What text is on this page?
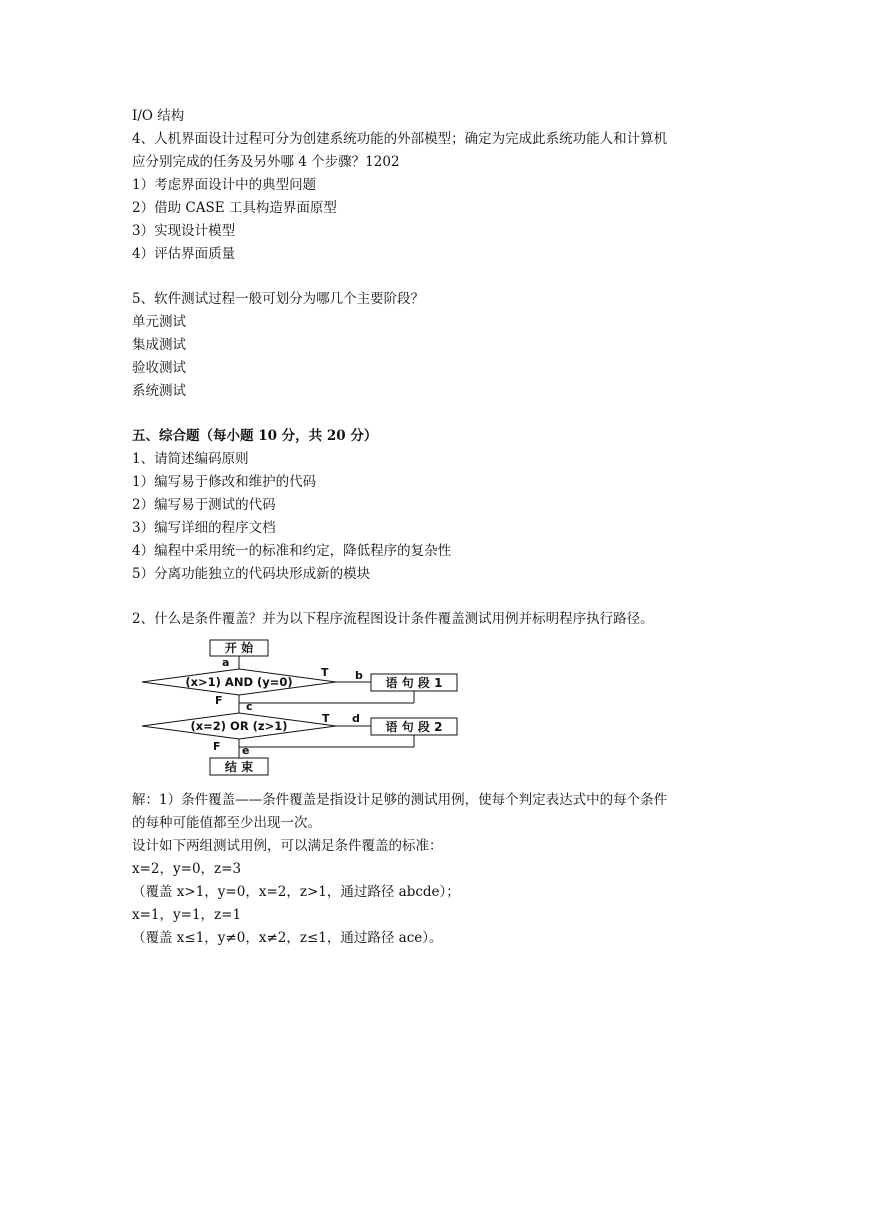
I/O 结构
4、人机界面设计过程可分为创建系统功能的外部模型；确定为完成此系统功能人和计算机
应分别完成的任务及另外哪 4 个步骤？1202
1）考虑界面设计中的典型问题
2）借助 CASE 工具构造界面原型
3）实现设计模型
4）评估界面质量
5、软件测试过程一般可划分为哪几个主要阶段？
单元测试
集成测试
验收测试
系统测试
五、综合题（每小题 10 分，共 20 分）
1、请简述编码原则
1）编写易于修改和维护的代码
2）编写易于测试的代码
3）编写详细的程序文档
4）编程中采用统一的标准和约定，降低程序的复杂性
5）分离功能独立的代码块形成新的模块
2、什么是条件覆盖？并为以下程序流程图设计条件覆盖测试用例并标明程序执行路径。
开 始
a
(x>1) AND (y=0)
T b
语 句 段 1
F c
(x=2) OR (z>1)
T d
语 句 段 2
F e
结 束
解：1）条件覆盖——条件覆盖是指设计足够的测试用例，使每个判定表达式中的每个条件
的每种可能值都至少出现一次。
设计如下两组测试用例，可以满足条件覆盖的标准：
x=2，y=0，z=3
（覆盖 x>1，y=0，x=2，z>1，通过路径 abcde）；
x=1，y=1，z=1
（覆盖 x≤1，y≠0，x≠2，z≤1，通过路径 ace）。
